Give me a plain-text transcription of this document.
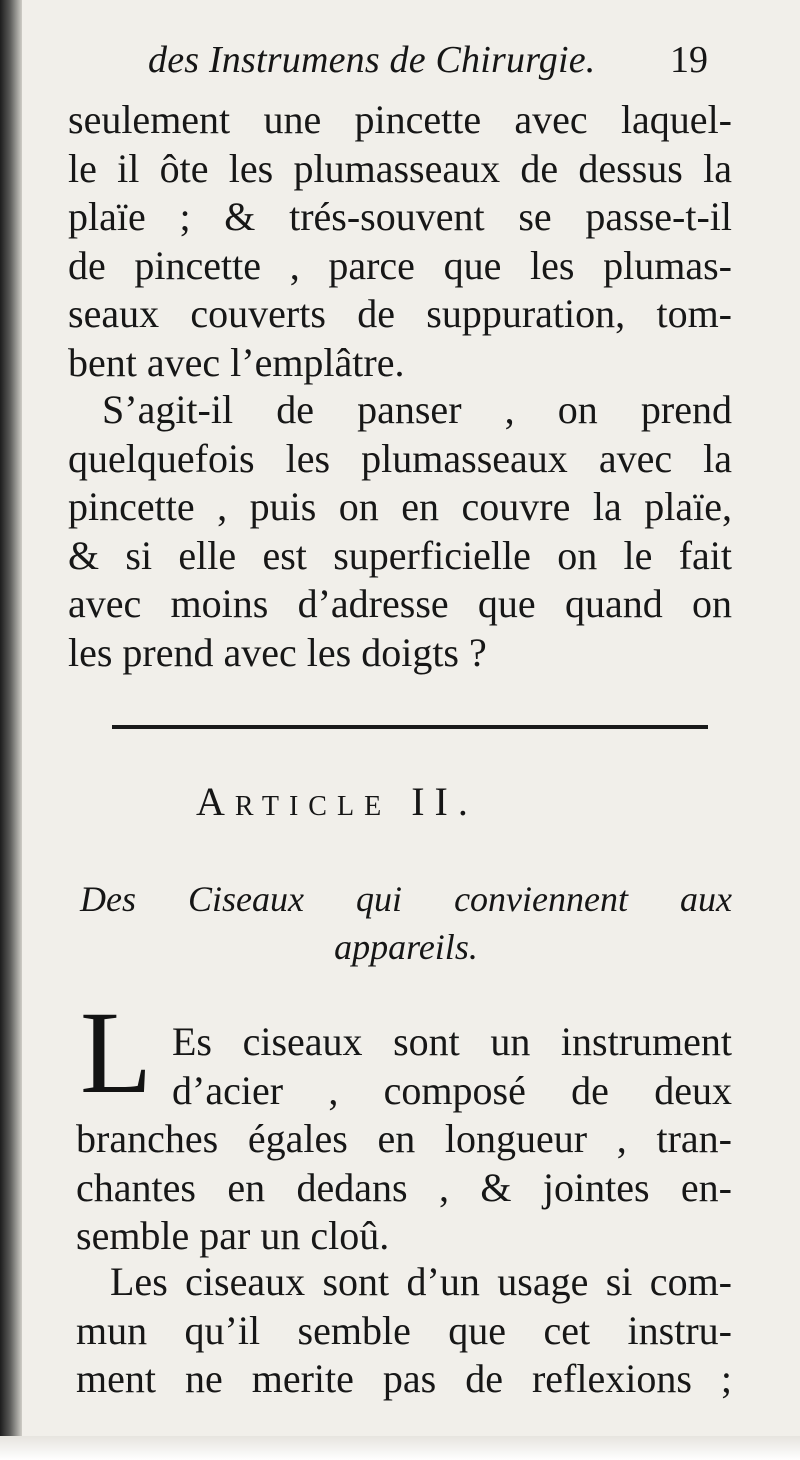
des Instrumens de Chirurgie. 19
seulement une pincette avec laquel-
le il ôte les plumasseaux de dessus la
plaïe ; & trés-souvent se passe-t-il
de pincette , parce que les plumas-
seaux couverts de suppuration, tom-
bent avec l’emplâtre.
S’agit-il de panser , on prend
quelquefois les plumasseaux avec la
pincette , puis on en couvre la plaïe,
& si elle est superficielle on le fait
avec moins d’adresse que quand on
les prend avec les doigts ?
Article II.
Des Ciseaux qui conviennent aux
appareils.
L Es ciseaux sont un instrument
d’acier , composé de deux
branches égales en longueur , tran-
chantes en dedans , & jointes en-
semble par un cloû.
Les ciseaux sont d’un usage si com-
mun qu’il semble que cet instru-
ment ne merite pas de reflexions ;
